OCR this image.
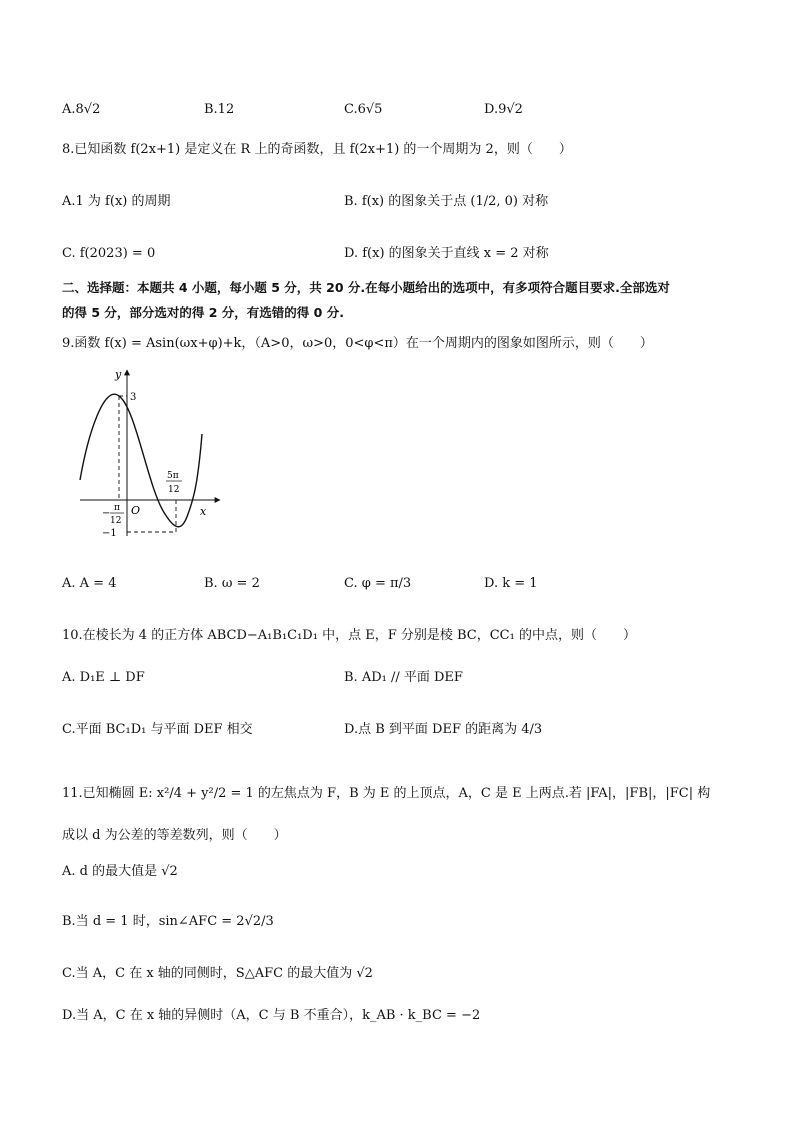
A.8√2	B.12	C.6√5	D.9√2
8.已知函数 f(2x+1) 是定义在 R 上的奇函数，且 f(2x+1) 的一个周期为 2，则（　　）
A.1 为 f(x) 的周期	B. f(x) 的图象关于点 (1/2, 0) 对称
C. f(2023) = 0	D. f(x) 的图象关于直线 x = 2 对称
二、选择题：本题共 4 小题，每小题 5 分，共 20 分.在每小题给出的选项中，有多项符合题目要求.全部选对
的得 5 分，部分选对的得 2 分，有选错的得 0 分.
9.函数 f(x) = Asin(ωx+φ)+k，（A>0，ω>0，0<φ<π）在一个周期内的图象如图所示，则（　　）
y
x
O
3
−1
− π
12
5π
12
A. A = 4	B. ω = 2	C. φ = π/3	D. k = 1
10.在棱长为 4 的正方体 ABCD−A₁B₁C₁D₁ 中，点 E，F 分别是棱 BC，CC₁ 的中点，则（　　）
A. D₁E ⊥ DF	B. AD₁ // 平面 DEF
C.平面 BC₁D₁ 与平面 DEF 相交	D.点 B 到平面 DEF 的距离为 4/3
11.已知椭圆 E: x²/4 + y²/2 = 1 的左焦点为 F，B 为 E 的上顶点，A，C 是 E 上两点.若 |FA|，|FB|，|FC| 构
成以 d 为公差的等差数列，则（　　）
A. d 的最大值是 √2
B.当 d = 1 时，sin∠AFC = 2√2/3
C.当 A，C 在 x 轴的同侧时，S△AFC 的最大值为 √2
D.当 A，C 在 x 轴的异侧时（A，C 与 B 不重合），k_AB · k_BC = −2
